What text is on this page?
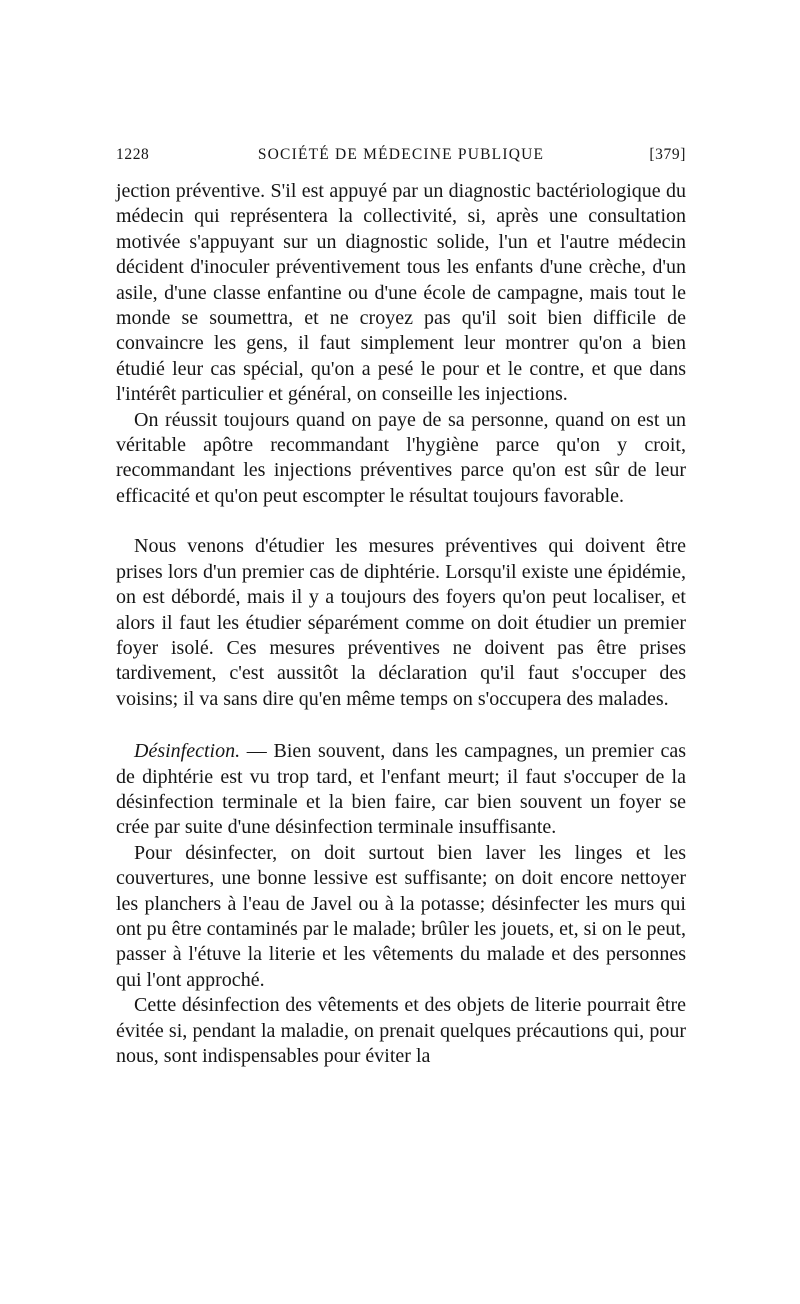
1228	SOCIÉTÉ DE MÉDECINE PUBLIQUE	[379]

jection préventive. S'il est appuyé par un diagnostic bactériologique du médecin qui représentera la collectivité, si, après une consultation motivée s'appuyant sur un diagnostic solide, l'un et l'autre médecin décident d'inoculer préventivement tous les enfants d'une crèche, d'un asile, d'une classe enfantine ou d'une école de campagne, mais tout le monde se soumettra, et ne croyez pas qu'il soit bien difficile de convaincre les gens, il faut simplement leur montrer qu'on a bien étudié leur cas spécial, qu'on a pesé le pour et le contre, et que dans l'intérêt particulier et général, on conseille les injections.

On réussit toujours quand on paye de sa personne, quand on est un véritable apôtre recommandant l'hygiène parce qu'on y croit, recommandant les injections préventives parce qu'on est sûr de leur efficacité et qu'on peut escompter le résultat toujours favorable.

Nous venons d'étudier les mesures préventives qui doivent être prises lors d'un premier cas de diphtérie. Lorsqu'il existe une épidémie, on est débordé, mais il y a toujours des foyers qu'on peut localiser, et alors il faut les étudier séparément comme on doit étudier un premier foyer isolé. Ces mesures préventives ne doivent pas être prises tardivement, c'est aussitôt la déclaration qu'il faut s'occuper des voisins; il va sans dire qu'en même temps on s'occupera des malades.

Désinfection. — Bien souvent, dans les campagnes, un premier cas de diphtérie est vu trop tard, et l'enfant meurt; il faut s'occuper de la désinfection terminale et la bien faire, car bien souvent un foyer se crée par suite d'une désinfection terminale insuffisante.

Pour désinfecter, on doit surtout bien laver les linges et les couvertures, une bonne lessive est suffisante; on doit encore nettoyer les planchers à l'eau de Javel ou à la potasse; désinfecter les murs qui ont pu être contaminés par le malade; brûler les jouets, et, si on le peut, passer à l'étuve la literie et les vêtements du malade et des personnes qui l'ont approché.

Cette désinfection des vêtements et des objets de literie pourrait être évitée si, pendant la maladie, on prenait quelques précautions qui, pour nous, sont indispensables pour éviter la
